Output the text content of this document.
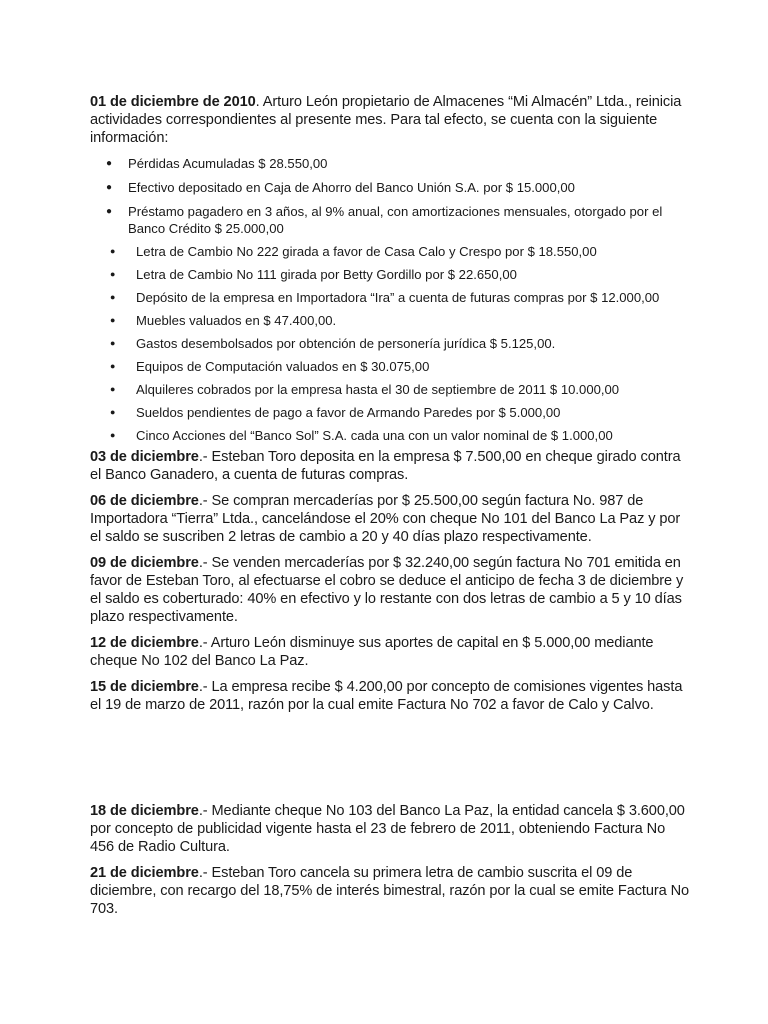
01 de diciembre de 2010. Arturo León propietario de Almacenes “Mi Almacén” Ltda., reinicia actividades correspondientes al presente mes. Para tal efecto, se cuenta con la siguiente información:

● Pérdidas Acumuladas $ 28.550,00
● Efectivo depositado en Caja de Ahorro del Banco Unión S.A. por $ 15.000,00
● Préstamo pagadero en 3 años, al 9% anual, con amortizaciones mensuales, otorgado por el Banco Crédito $ 25.000,00
● Letra de Cambio No 222 girada a favor de Casa Calo y Crespo por $ 18.550,00
● Letra de Cambio No 111 girada por Betty Gordillo por $ 22.650,00
● Depósito de la empresa en Importadora “Ira” a cuenta de futuras compras por $ 12.000,00
● Muebles valuados en $ 47.400,00.
● Gastos desembolsados por obtención de personería jurídica $ 5.125,00.
● Equipos de Computación valuados en $ 30.075,00
● Alquileres cobrados por la empresa hasta el 30 de septiembre de 2011 $ 10.000,00
● Sueldos pendientes de pago a favor de Armando Paredes por $ 5.000,00
● Cinco Acciones del “Banco Sol” S.A. cada una con un valor nominal de $ 1.000,00

03 de diciembre.- Esteban Toro deposita en la empresa $ 7.500,00 en cheque girado contra el Banco Ganadero, a cuenta de futuras compras.

06 de diciembre.- Se compran mercaderías por $ 25.500,00 según factura No. 987 de Importadora “Tierra” Ltda., cancelándose el 20% con cheque No 101 del Banco La Paz y por el saldo se suscriben 2 letras de cambio a 20 y 40 días plazo respectivamente.

09 de diciembre.- Se venden mercaderías por $ 32.240,00 según factura No 701 emitida en favor de Esteban Toro, al efectuarse el cobro se deduce el anticipo de fecha 3 de diciembre y el saldo es coberturado: 40% en efectivo y lo restante con dos letras de cambio a 5 y 10 días plazo respectivamente.

12 de diciembre.- Arturo León disminuye sus aportes de capital en $ 5.000,00 mediante cheque No 102 del Banco La Paz.

15 de diciembre.- La empresa recibe $ 4.200,00 por concepto de comisiones vigentes hasta el 19 de marzo de 2011, razón por la cual emite Factura No 702 a favor de Calo y Calvo.

18 de diciembre.- Mediante cheque No 103 del Banco La Paz, la entidad cancela $ 3.600,00 por concepto de publicidad vigente hasta el 23 de febrero de 2011, obteniendo Factura No 456 de Radio Cultura.

21 de diciembre.- Esteban Toro cancela su primera letra de cambio suscrita el 09 de diciembre, con recargo del 18,75% de interés bimestral, razón por la cual se emite Factura No 703.
